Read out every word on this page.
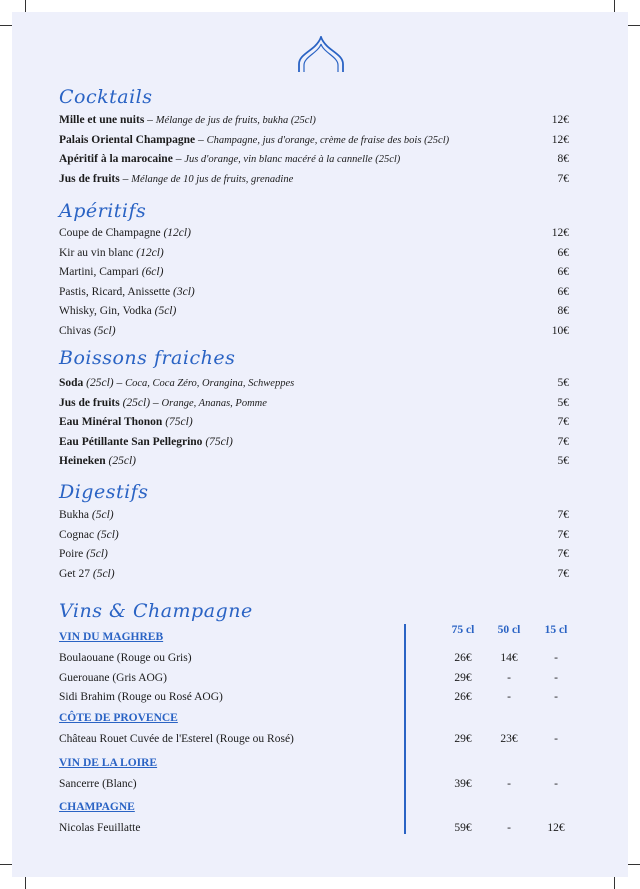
Cocktails
Mille et une nuits – Mélange de jus de fruits, bukha (25cl)	12€
Palais Oriental Champagne – Champagne, jus d'orange, crème de fraise des bois (25cl)	12€
Apéritif à la marocaine – Jus d'orange, vin blanc macéré à la cannelle (25cl)	8€
Jus de fruits – Mélange de 10 jus de fruits, grenadine	7€
Apéritifs
Coupe de Champagne (12cl)	12€
Kir au vin blanc (12cl)	6€
Martini, Campari (6cl)	6€
Pastis, Ricard, Anissette (3cl)	6€
Whisky, Gin, Vodka (5cl)	8€
Chivas (5cl)	10€
Boissons fraiches
Soda (25cl) – Coca, Coca Zéro, Orangina, Schweppes	5€
Jus de fruits (25cl) – Orange, Ananas, Pomme	5€
Eau Minéral Thonon (75cl)	7€
Eau Pétillante San Pellegrino (75cl)	7€
Heineken (25cl)	5€
Digestifs
Bukha (5cl)	7€
Cognac (5cl)	7€
Poire (5cl)	7€
Get 27 (5cl)	7€
Vins & Champagne
75 cl	50 cl	15 cl
VIN DU MAGHREB
Boulaouane (Rouge ou Gris)	26€	14€	-
Guerouane (Gris AOG)	29€	-	-
Sidi Brahim (Rouge ou Rosé AOG)	26€	-	-
CÔTE DE PROVENCE
Château Rouet Cuvée de l'Esterel (Rouge ou Rosé)	29€	23€	-
VIN DE LA LOIRE
Sancerre (Blanc)	39€	-	-
CHAMPAGNE
Nicolas Feuillatte	59€	-	12€
